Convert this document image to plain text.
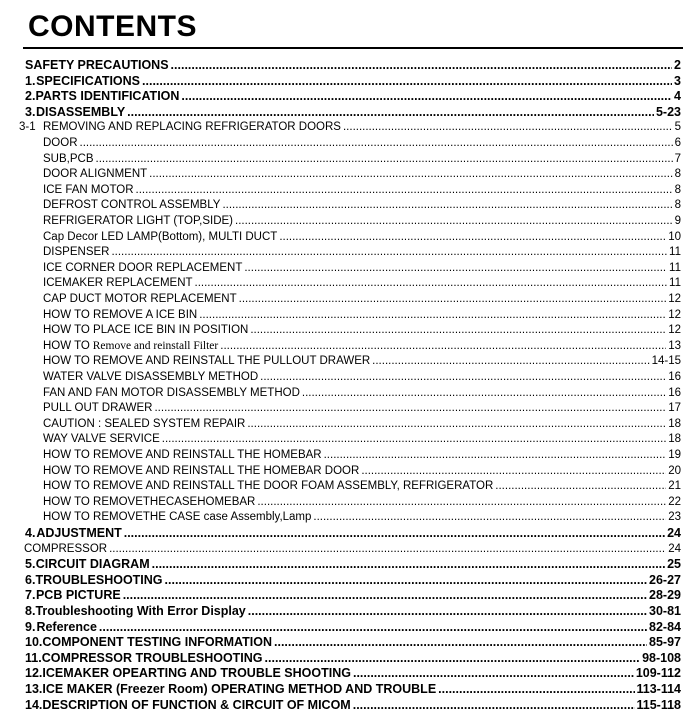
CONTENTS
SAFETY PRECAUTIONS .....	2
1. SPECIFICATIONS .....	3
2. PARTS IDENTIFICATION .....	4
3. DISASSEMBLY .....	5-23
3-1 REMOVING AND REPLACING REFRIGERATOR DOORS .....	5
DOOR .....	6
SUB,PCB .....	7
DOOR ALIGNMENT .....	8
ICE FAN MOTOR .....	8
DEFROST CONTROL ASSEMBLY .....	8
REFRIGERATOR LIGHT (TOP,SIDE) .....	9
Cap Decor LED LAMP(Bottom), MULTI DUCT .....	10
DISPENSER .....	11
ICE CORNER DOOR REPLACEMENT .....	11
ICEMAKER REPLACEMENT .....	11
CAP DUCT MOTOR REPLACEMENT .....	12
HOW TO REMOVE A ICE BIN .....	12
HOW TO PLACE ICE BIN IN POSITION .....	12
HOW TO Remove and reinstall Filter .....	13
HOW TO REMOVE AND REINSTALL THE PULLOUT DRAWER .....	14-15
WATER VALVE DISASSEMBLY METHOD .....	16
FAN AND FAN MOTOR DISASSEMBLY METHOD .....	16
PULL OUT DRAWER .....	17
CAUTION : SEALED SYSTEM REPAIR .....	18
WAY VALVE SERVICE .....	18
HOW TO REMOVE AND REINSTALL THE HOMEBAR .....	19
HOW TO REMOVE AND REINSTALL THE HOMEBAR DOOR .....	20
HOW TO REMOVE AND REINSTALL THE DOOR FOAM ASSEMBLY, REFRIGERATOR .....	21
HOW TO REMOVETHECASEHOMEBAR .....	22
HOW TO REMOVETHE CASE case Assembly,Lamp .....	23
4. ADJUSTMENT .....	24
COMPRESSOR .....	24
5. CIRCUIT DIAGRAM .....	25
6. TROUBLESHOOTING .....	26-27
7. PCB PICTURE .....	28-29
8. Troubleshooting With Error Display .....	30-81
9. Reference .....	82-84
10. COMPONENT TESTING INFORMATION .....	85-97
11. COMPRESSOR TROUBLESHOOTING .....	98-108
12. ICEMAKER OPEARTING AND TROUBLE SHOOTING .....	109-112
13. ICE MAKER (Freezer Room) OPERATING METHOD AND TROUBLE .....	113-114
14. DESCRIPTION OF FUNCTION & CIRCUIT OF MICOM .....	115-118
